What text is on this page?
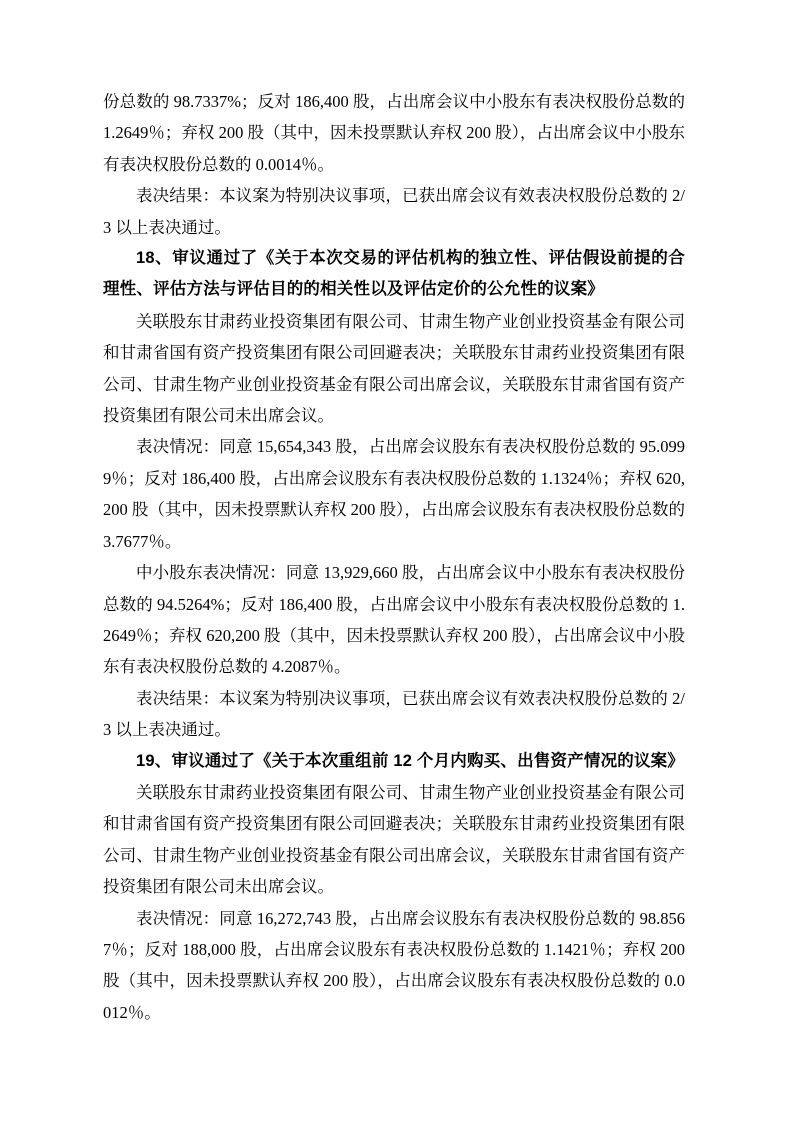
份总数的 98.7337%；反对 186,400 股，占出席会议中小股东有表决权股份总数的 1.2649％；弃权 200 股（其中，因未投票默认弃权 200 股），占出席会议中小股东有表决权股份总数的 0.0014％。

表决结果：本议案为特别决议事项，已获出席会议有效表决权股份总数的 2/3 以上表决通过。

18、审议通过了《关于本次交易的评估机构的独立性、评估假设前提的合理性、评估方法与评估目的的相关性以及评估定价的公允性的议案》

关联股东甘肃药业投资集团有限公司、甘肃生物产业创业投资基金有限公司和甘肃省国有资产投资集团有限公司回避表决；关联股东甘肃药业投资集团有限公司、甘肃生物产业创业投资基金有限公司出席会议，关联股东甘肃省国有资产投资集团有限公司未出席会议。

表决情况：同意 15,654,343 股，占出席会议股东有表决权股份总数的 95.0999％；反对 186,400 股，占出席会议股东有表决权股份总数的 1.1324％；弃权 620,200 股（其中，因未投票默认弃权 200 股），占出席会议股东有表决权股份总数的 3.7677％。

中小股东表决情况：同意 13,929,660 股，占出席会议中小股东有表决权股份总数的 94.5264%；反对 186,400 股，占出席会议中小股东有表决权股份总数的 1.2649％；弃权 620,200 股（其中，因未投票默认弃权 200 股），占出席会议中小股东有表决权股份总数的 4.2087％。

表决结果：本议案为特别决议事项，已获出席会议有效表决权股份总数的 2/3 以上表决通过。

19、审议通过了《关于本次重组前 12 个月内购买、出售资产情况的议案》

关联股东甘肃药业投资集团有限公司、甘肃生物产业创业投资基金有限公司和甘肃省国有资产投资集团有限公司回避表决；关联股东甘肃药业投资集团有限公司、甘肃生物产业创业投资基金有限公司出席会议，关联股东甘肃省国有资产投资集团有限公司未出席会议。

表决情况：同意 16,272,743 股，占出席会议股东有表决权股份总数的 98.8567％；反对 188,000 股，占出席会议股东有表决权股份总数的 1.1421％；弃权 200 股（其中，因未投票默认弃权 200 股），占出席会议股东有表决权股份总数的 0.0012％。
